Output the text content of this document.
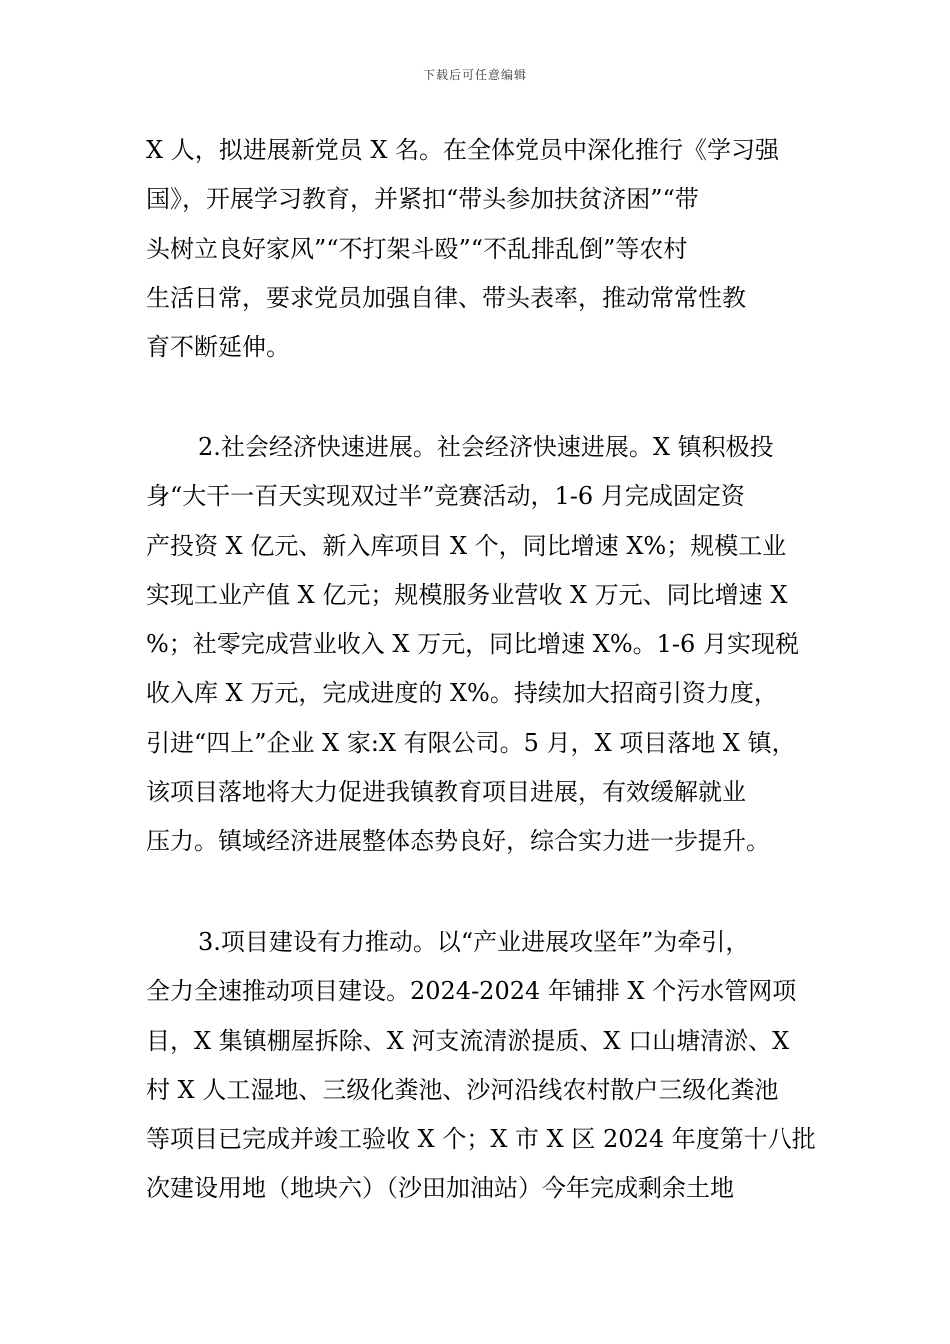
下载后可任意编辑
X 人，拟进展新党员 X 名。在全体党员中深化推行《学习强
国》，开展学习教育，并紧扣“带头参加扶贫济困”“带
头树立良好家风”“不打架斗殴”“不乱排乱倒”等农村
生活日常，要求党员加强自律、带头表率，推动常常性教
育不断延伸。
2.社会经济快速进展。社会经济快速进展。X 镇积极投
身“大干一百天实现双过半”竞赛活动，1-6 月完成固定资
产投资 X 亿元、新入库项目 X 个，同比增速 X%；规模工业
实现工业产值 X 亿元；规模服务业营收 X 万元、同比增速 X
%；社零完成营业收入 X 万元，同比增速 X%。1-6 月实现税
收入库 X 万元，完成进度的 X%。持续加大招商引资力度，
引进“四上”企业 X 家:X 有限公司。5 月，X 项目落地 X 镇，
该项目落地将大力促进我镇教育项目进展，有效缓解就业
压力。镇域经济进展整体态势良好，综合实力进一步提升。
3.项目建设有力推动。以“产业进展攻坚年”为牵引，
全力全速推动项目建设。2024-2024 年铺排 X 个污水管网项
目，X 集镇棚屋拆除、X 河支流清淤提质、X 口山塘清淤、X
村 X 人工湿地、三级化粪池、沙河沿线农村散户三级化粪池
等项目已完成并竣工验收 X 个；X 市 X 区 2024 年度第十八批
次建设用地（地块六）（沙田加油站）今年完成剩余土地
